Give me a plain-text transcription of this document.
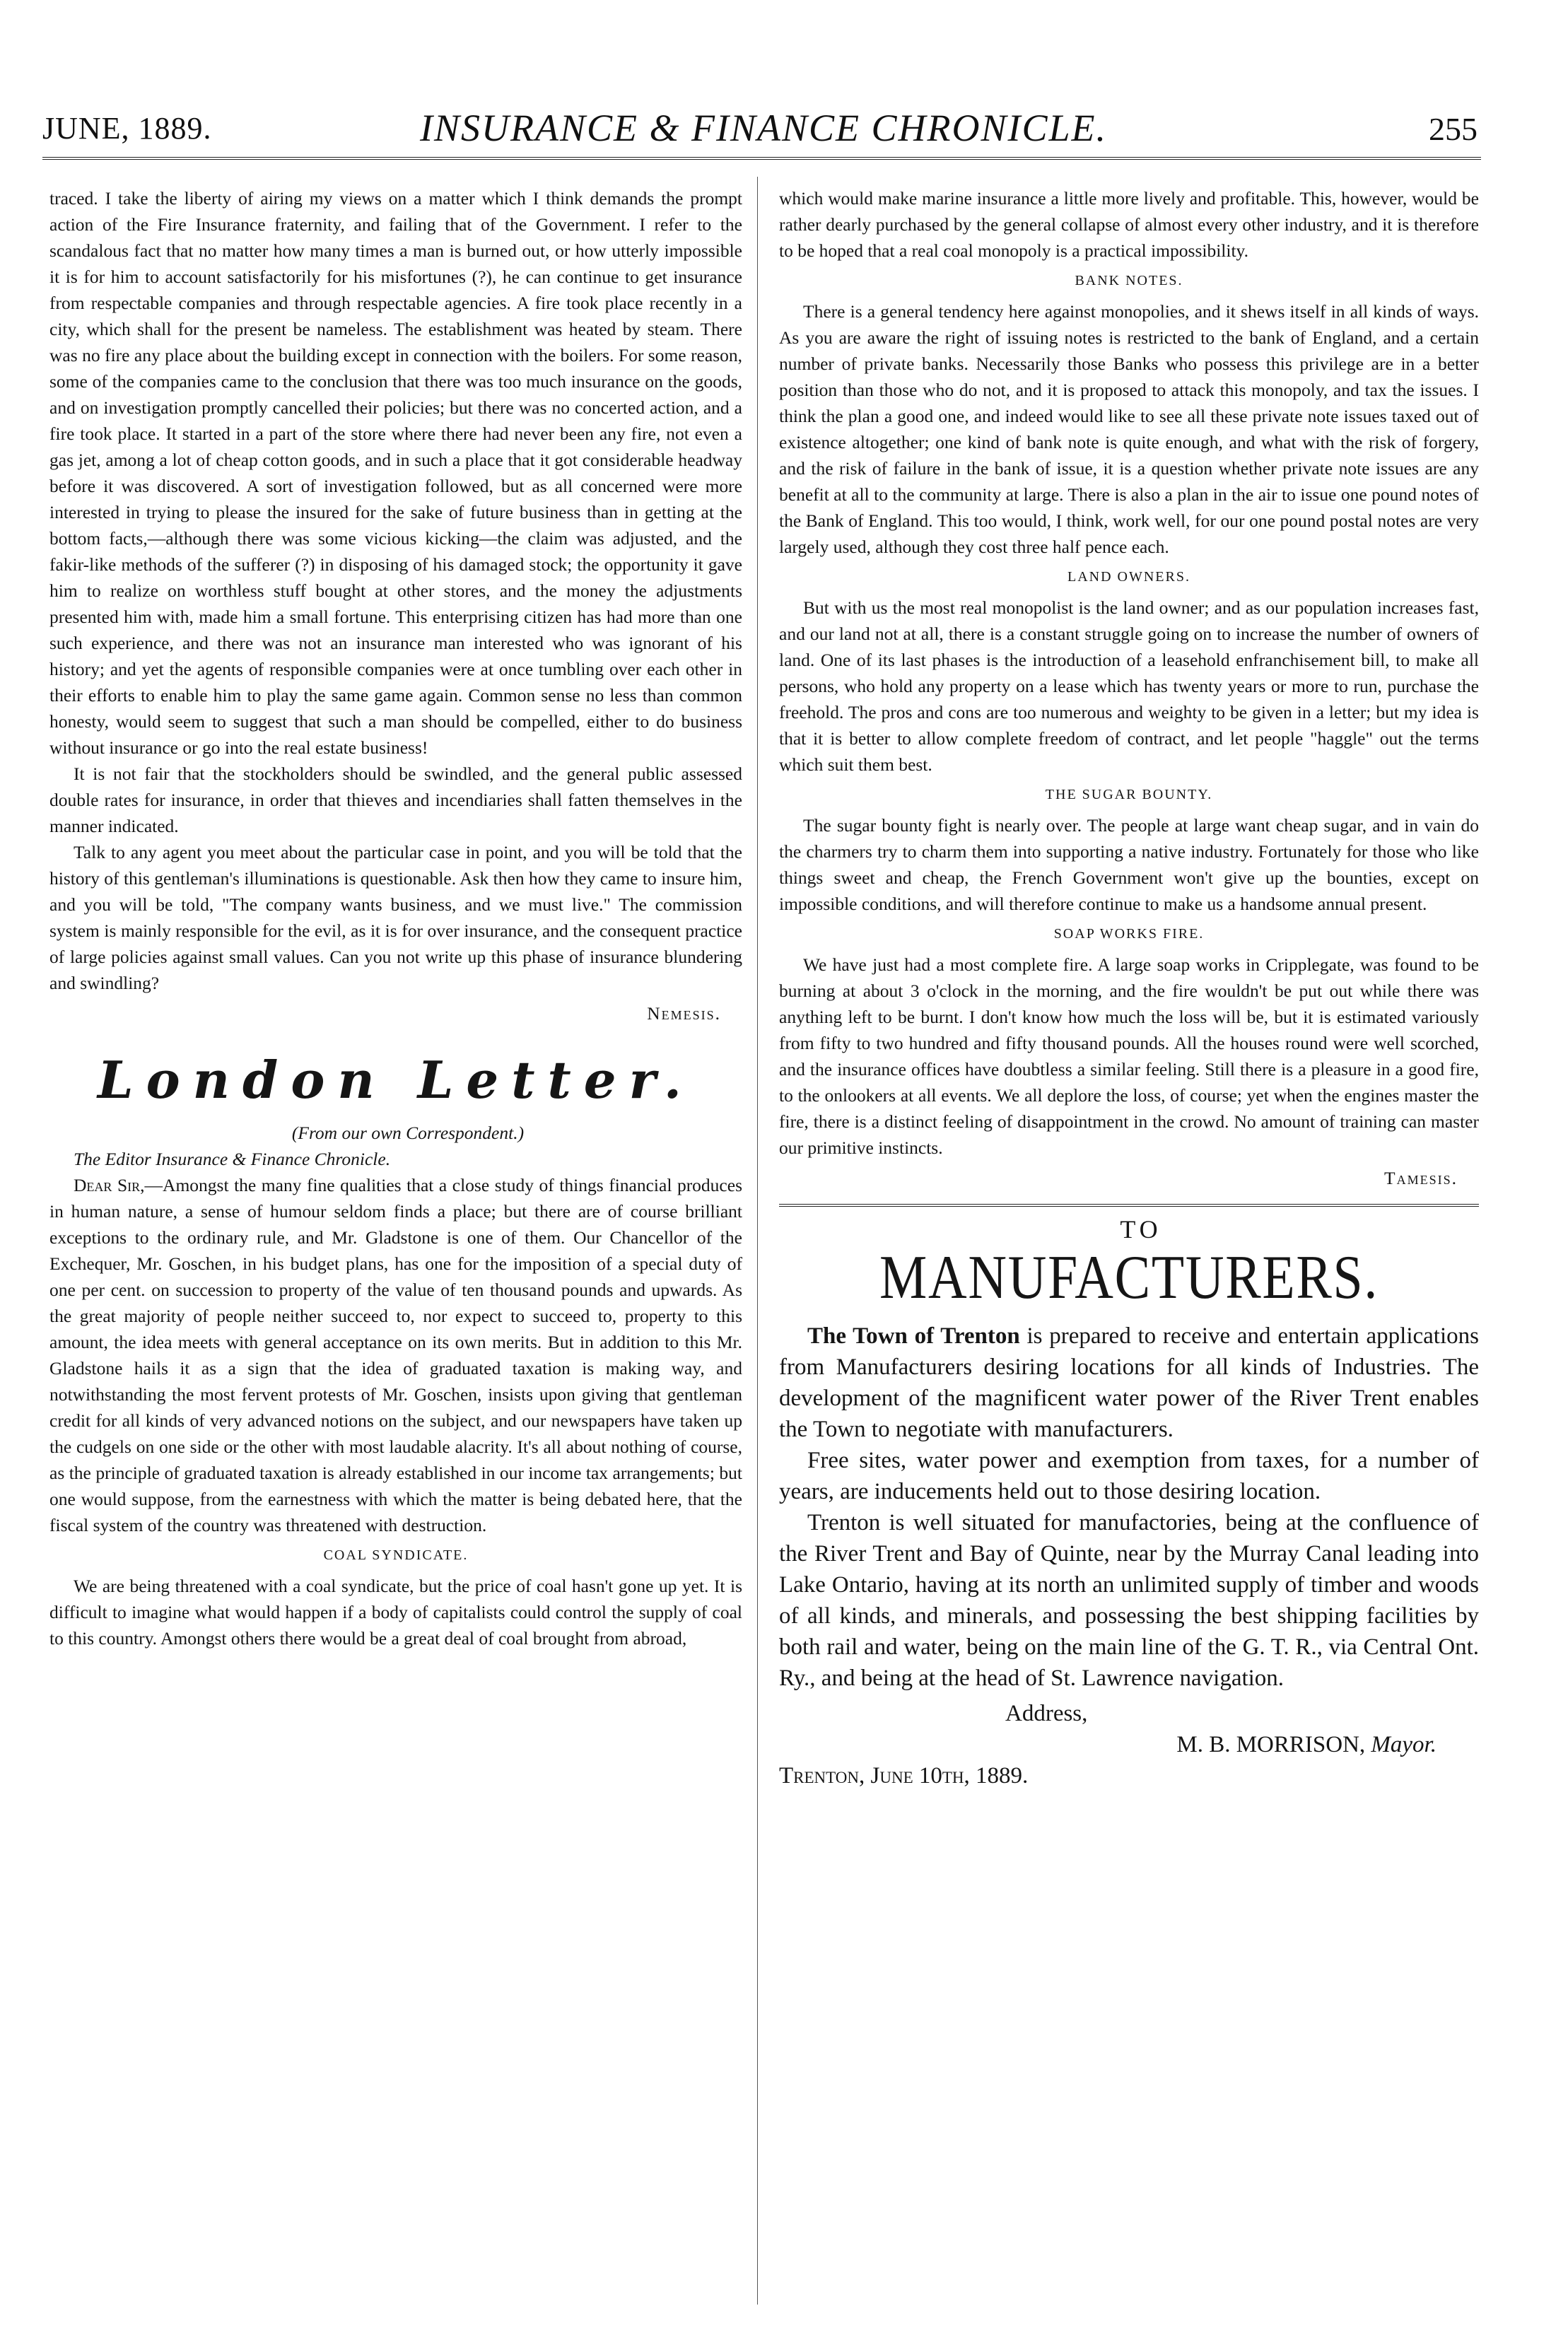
JUNE, 1889.	INSURANCE & FINANCE CHRONICLE.	255

traced. I take the liberty of airing my views on a matter which I think demands the prompt action of the Fire Insurance fraternity, and failing that of the Government. I refer to the scandalous fact that no matter how many times a man is burned out, or how utterly impossible it is for him to account satisfactorily for his misfortunes (?), he can continue to get insurance from respectable companies and through respectable agencies. A fire took place recently in a city, which shall for the present be nameless. The establishment was heated by steam. There was no fire any place about the building except in connection with the boilers. For some reason, some of the companies came to the conclusion that there was too much insurance on the goods, and on investigation promptly cancelled their policies; but there was no concerted action, and a fire took place. It started in a part of the store where there had never been any fire, not even a gas jet, among a lot of cheap cotton goods, and in such a place that it got considerable headway before it was discovered. A sort of investigation followed, but as all concerned were more interested in trying to please the insured for the sake of future business than in getting at the bottom facts,—although there was some vicious kicking—the claim was adjusted, and the fakir-like methods of the sufferer (?) in disposing of his damaged stock; the opportunity it gave him to realize on worthless stuff bought at other stores, and the money the adjustments presented him with, made him a small fortune. This enterprising citizen has had more than one such experience, and there was not an insurance man interested who was ignorant of his history; and yet the agents of responsible companies were at once tumbling over each other in their efforts to enable him to play the same game again. Common sense no less than common honesty, would seem to suggest that such a man should be compelled, either to do business without insurance or go into the real estate business!

It is not fair that the stockholders should be swindled, and the general public assessed double rates for insurance, in order that thieves and incendiaries shall fatten themselves in the manner indicated.

Talk to any agent you meet about the particular case in point, and you will be told that the history of this gentleman's illuminations is questionable. Ask then how they came to insure him, and you will be told, "The company wants business, and we must live." The commission system is mainly responsible for the evil, as it is for over insurance, and the consequent practice of large policies against small values. Can you not write up this phase of insurance blundering and swindling?

Nemesis.
London Letter.

(From our own Correspondent.)

The Editor Insurance & Finance Chronicle.

Dear Sir,—Amongst the many fine qualities that a close study of things financial produces in human nature, a sense of humour seldom finds a place; but there are of course brilliant exceptions to the ordinary rule, and Mr. Gladstone is one of them. Our Chancellor of the Exchequer, Mr. Goschen, in his budget plans, has one for the imposition of a special duty of one per cent. on succession to property of the value of ten thousand pounds and upwards. As the great majority of people neither succeed to, nor expect to succeed to, property to this amount, the idea meets with general acceptance on its own merits. But in addition to this Mr. Gladstone hails it as a sign that the idea of graduated taxation is making way, and notwithstanding the most fervent protests of Mr. Goschen, insists upon giving that gentleman credit for all kinds of very advanced notions on the subject, and our newspapers have taken up the cudgels on one side or the other with most laudable alacrity. It's all about nothing of course, as the principle of graduated taxation is already established in our income tax arrangements; but one would suppose, from the earnestness with which the matter is being debated here, that the fiscal system of the country was threatened with destruction.

COAL SYNDICATE.

We are being threatened with a coal syndicate, but the price of coal hasn't gone up yet. It is difficult to imagine what would happen if a body of capitalists could control the supply of coal to this country. Amongst others there would be a great deal of coal brought from abroad,

which would make marine insurance a little more lively and profitable. This, however, would be rather dearly purchased by the general collapse of almost every other industry, and it is therefore to be hoped that a real coal monopoly is a practical impossibility.

BANK NOTES.

There is a general tendency here against monopolies, and it shews itself in all kinds of ways. As you are aware the right of issuing notes is restricted to the bank of England, and a certain number of private banks. Necessarily those Banks who possess this privilege are in a better position than those who do not, and it is proposed to attack this monopoly, and tax the issues. I think the plan a good one, and indeed would like to see all these private note issues taxed out of existence altogether; one kind of bank note is quite enough, and what with the risk of forgery, and the risk of failure in the bank of issue, it is a question whether private note issues are any benefit at all to the community at large. There is also a plan in the air to issue one pound notes of the Bank of England. This too would, I think, work well, for our one pound postal notes are very largely used, although they cost three half pence each.

LAND OWNERS.

But with us the most real monopolist is the land owner; and as our population increases fast, and our land not at all, there is a constant struggle going on to increase the number of owners of land. One of its last phases is the introduction of a leasehold enfranchisement bill, to make all persons, who hold any property on a lease which has twenty years or more to run, purchase the freehold. The pros and cons are too numerous and weighty to be given in a letter; but my idea is that it is better to allow complete freedom of contract, and let people "haggle" out the terms which suit them best.

THE SUGAR BOUNTY.

The sugar bounty fight is nearly over. The people at large want cheap sugar, and in vain do the charmers try to charm them into supporting a native industry. Fortunately for those who like things sweet and cheap, the French Government won't give up the bounties, except on impossible conditions, and will therefore continue to make us a handsome annual present.

SOAP WORKS FIRE.

We have just had a most complete fire. A large soap works in Cripplegate, was found to be burning at about 3 o'clock in the morning, and the fire wouldn't be put out while there was anything left to be burnt. I don't know how much the loss will be, but it is estimated variously from fifty to two hundred and fifty thousand pounds. All the houses round were well scorched, and the insurance offices have doubtless a similar feeling. Still there is a pleasure in a good fire, to the onlookers at all events. We all deplore the loss, of course; yet when the engines master the fire, there is a distinct feeling of disappointment in the crowd. No amount of training can master our primitive instincts.

Tamesis.

TO

MANUFACTURERS.

The Town of Trenton is prepared to receive and entertain applications from Manufacturers desiring locations for all kinds of Industries. The development of the magnificent water power of the River Trent enables the Town to negotiate with manufacturers.

Free sites, water power and exemption from taxes, for a number of years, are inducements held out to those desiring location.

Trenton is well situated for manufactories, being at the confluence of the River Trent and Bay of Quinte, near by the Murray Canal leading into Lake Ontario, having at its north an unlimited supply of timber and woods of all kinds, and minerals, and possessing the best shipping facilities by both rail and water, being on the main line of the G. T. R., via Central Ont. Ry., and being at the head of St. Lawrence navigation.

Address,
M. B. MORRISON, Mayor.
Trenton, June 10th, 1889.
